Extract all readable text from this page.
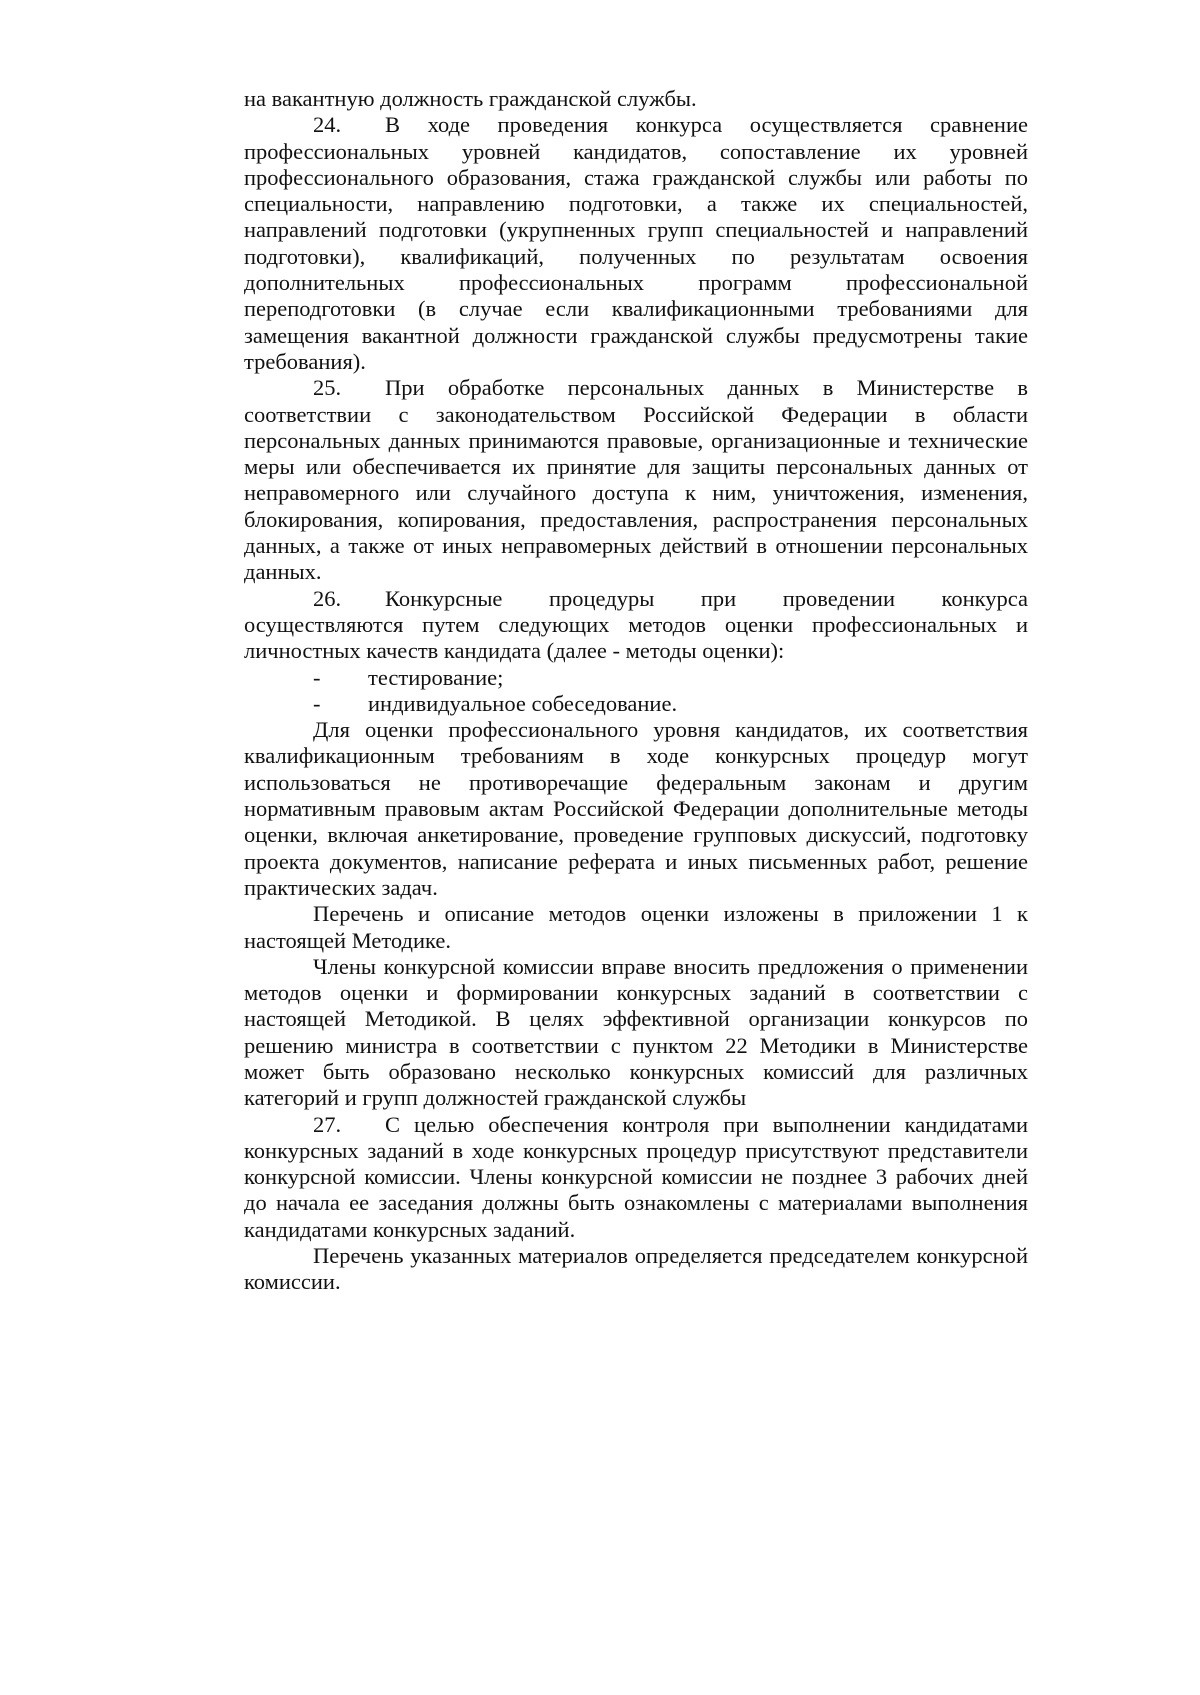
на вакантную должность гражданской службы.

24. В ходе проведения конкурса осуществляется сравнение профессиональных уровней кандидатов, сопоставление их уровней профессионального образования, стажа гражданской службы или работы по специальности, направлению подготовки, а также их специальностей, направлений подготовки (укрупненных групп специальностей и направлений подготовки), квалификаций, полученных по результатам освоения дополнительных профессиональных программ профессиональной переподготовки (в случае если квалификационными требованиями для замещения вакантной должности гражданской службы предусмотрены такие требования).

25. При обработке персональных данных в Министерстве в соответствии с законодательством Российской Федерации в области персональных данных принимаются правовые, организационные и технические меры или обеспечивается их принятие для защиты персональных данных от неправомерного или случайного доступа к ним, уничтожения, изменения, блокирования, копирования, предоставления, распространения персональных данных, а также от иных неправомерных действий в отношении персональных данных.

26. Конкурсные процедуры при проведении конкурса осуществляются путем следующих методов оценки профессиональных и личностных качеств кандидата (далее - методы оценки):

- тестирование;

- индивидуальное собеседование.

Для оценки профессионального уровня кандидатов, их соответствия квалификационным требованиям в ходе конкурсных процедур могут использоваться не противоречащие федеральным законам и другим нормативным правовым актам Российской Федерации дополнительные методы оценки, включая анкетирование, проведение групповых дискуссий, подготовку проекта документов, написание реферата и иных письменных работ, решение практических задач.

Перечень и описание методов оценки изложены в приложении 1 к настоящей Методике.

Члены конкурсной комиссии вправе вносить предложения о применении методов оценки и формировании конкурсных заданий в соответствии с настоящей Методикой. В целях эффективной организации конкурсов по решению министра в соответствии с пунктом 22 Методики в Министерстве может быть образовано несколько конкурсных комиссий для различных категорий и групп должностей гражданской службы

27. С целью обеспечения контроля при выполнении кандидатами конкурсных заданий в ходе конкурсных процедур присутствуют представители конкурсной комиссии. Члены конкурсной комиссии не позднее 3 рабочих дней до начала ее заседания должны быть ознакомлены с материалами выполнения кандидатами конкурсных заданий.

Перечень указанных материалов определяется председателем конкурсной комиссии.
